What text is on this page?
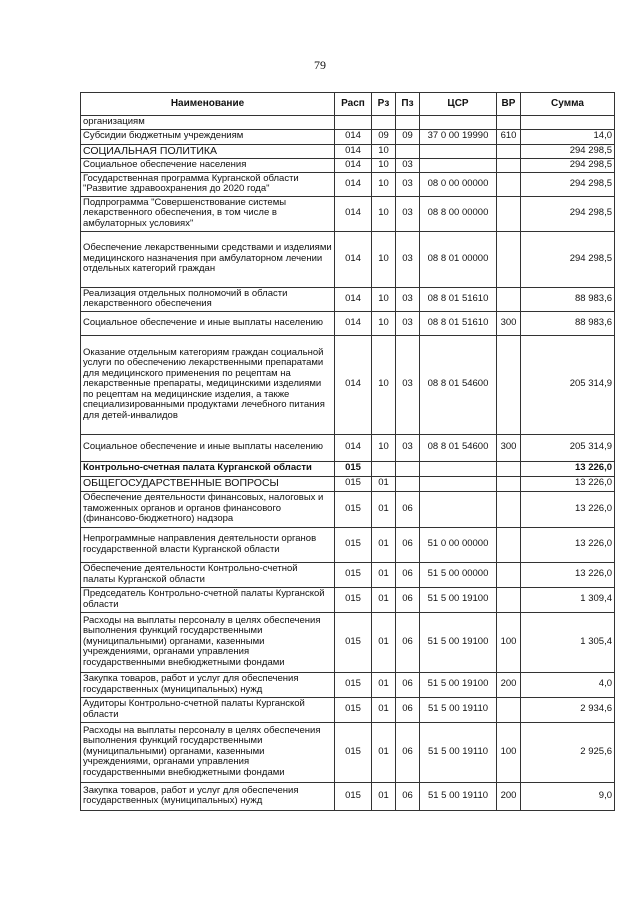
79
Наименование	Расп	Рз	Пз	ЦСР	ВР	Сумма
организациям						
Субсидии бюджетным учреждениям	014	09	09	37 0 00 19990	610	14,0
СОЦИАЛЬНАЯ ПОЛИТИКА	014	10				294 298,5
Социальное обеспечение населения	014	10	03			294 298,5
Государственная программа Курганской области "Развитие здравоохранения до 2020 года"	014	10	03	08 0 00 00000		294 298,5
Подпрограмма "Совершенствование системы лекарственного обеспечения, в том числе в амбулаторных условиях"	014	10	03	08 8 00 00000		294 298,5
Обеспечение лекарственными средствами и изделиями медицинского назначения при амбулаторном лечении отдельных категорий граждан	014	10	03	08 8 01 00000		294 298,5
Реализация отдельных полномочий в области лекарственного обеспечения	014	10	03	08 8 01 51610		88 983,6
Социальное обеспечение и иные выплаты населению	014	10	03	08 8 01 51610	300	88 983,6
Оказание отдельным категориям граждан социальной услуги по обеспечению лекарственными препаратами для медицинского применения по рецептам на лекарственные препараты, медицинскими изделиями по рецептам на медицинские изделия, а также специализированными продуктами лечебного питания для детей-инвалидов	014	10	03	08 8 01 54600		205 314,9
Социальное обеспечение и иные выплаты населению	014	10	03	08 8 01 54600	300	205 314,9
Контрольно-счетная палата Курганской области	015					13 226,0
ОБЩЕГОСУДАРСТВЕННЫЕ ВОПРОСЫ	015	01				13 226,0
Обеспечение деятельности финансовых, налоговых и таможенных органов и органов финансового (финансово-бюджетного) надзора	015	01	06			13 226,0
Непрограммные направления деятельности органов государственной власти Курганской области	015	01	06	51 0 00 00000		13 226,0
Обеспечение деятельности Контрольно-счетной палаты Курганской области	015	01	06	51 5 00 00000		13 226,0
Председатель Контрольно-счетной палаты Курганской области	015	01	06	51 5 00 19100		1 309,4
Расходы на выплаты персоналу в целях обеспечения выполнения функций государственными (муниципальными) органами, казенными учреждениями, органами управления государственными внебюджетными фондами	015	01	06	51 5 00 19100	100	1 305,4
Закупка товаров, работ и услуг для обеспечения государственных (муниципальных) нужд	015	01	06	51 5 00 19100	200	4,0
Аудиторы Контрольно-счетной палаты Курганской области	015	01	06	51 5 00 19110		2 934,6
Расходы на выплаты персоналу в целях обеспечения выполнения функций государственными (муниципальными) органами, казенными учреждениями, органами управления государственными внебюджетными фондами	015	01	06	51 5 00 19110	100	2 925,6
Закупка товаров, работ и услуг для обеспечения государственных (муниципальных) нужд	015	01	06	51 5 00 19110	200	9,0
